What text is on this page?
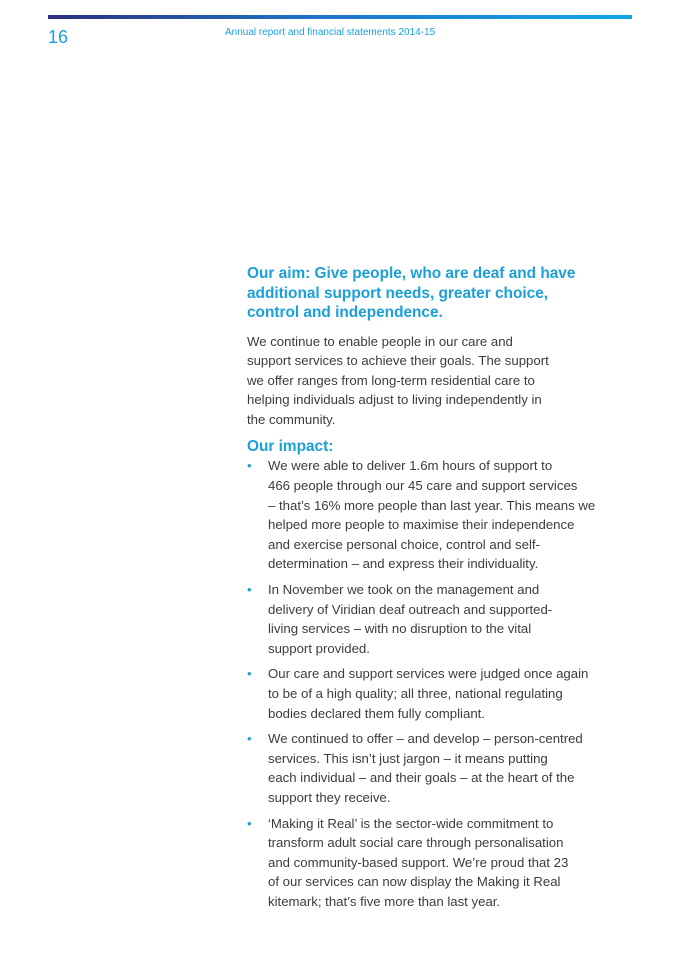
16	Annual report and financial statements 2014-15
Our aim: Give people, who are deaf and have
additional support needs, greater choice,
control and independence.

We continue to enable people in our care and
support services to achieve their goals. The support
we offer ranges from long-term residential care to
helping individuals adjust to living independently in
the community.

Our impact:
• We were able to deliver 1.6m hours of support to
466 people through our 45 care and support services
– that’s 16% more people than last year. This means we
helped more people to maximise their independence
and exercise personal choice, control and self-
determination – and express their individuality.
• In November we took on the management and
delivery of Viridian deaf outreach and supported-
living services – with no disruption to the vital
support provided.
• Our care and support services were judged once again
to be of a high quality; all three, national regulating
bodies declared them fully compliant.
• We continued to offer – and develop – person-centred
services. This isn’t just jargon – it means putting
each individual – and their goals – at the heart of the
support they receive.
• ‘Making it Real’ is the sector-wide commitment to
transform adult social care through personalisation
and community-based support. We’re proud that 23
of our services can now display the Making it Real
kitemark; that’s five more than last year.
